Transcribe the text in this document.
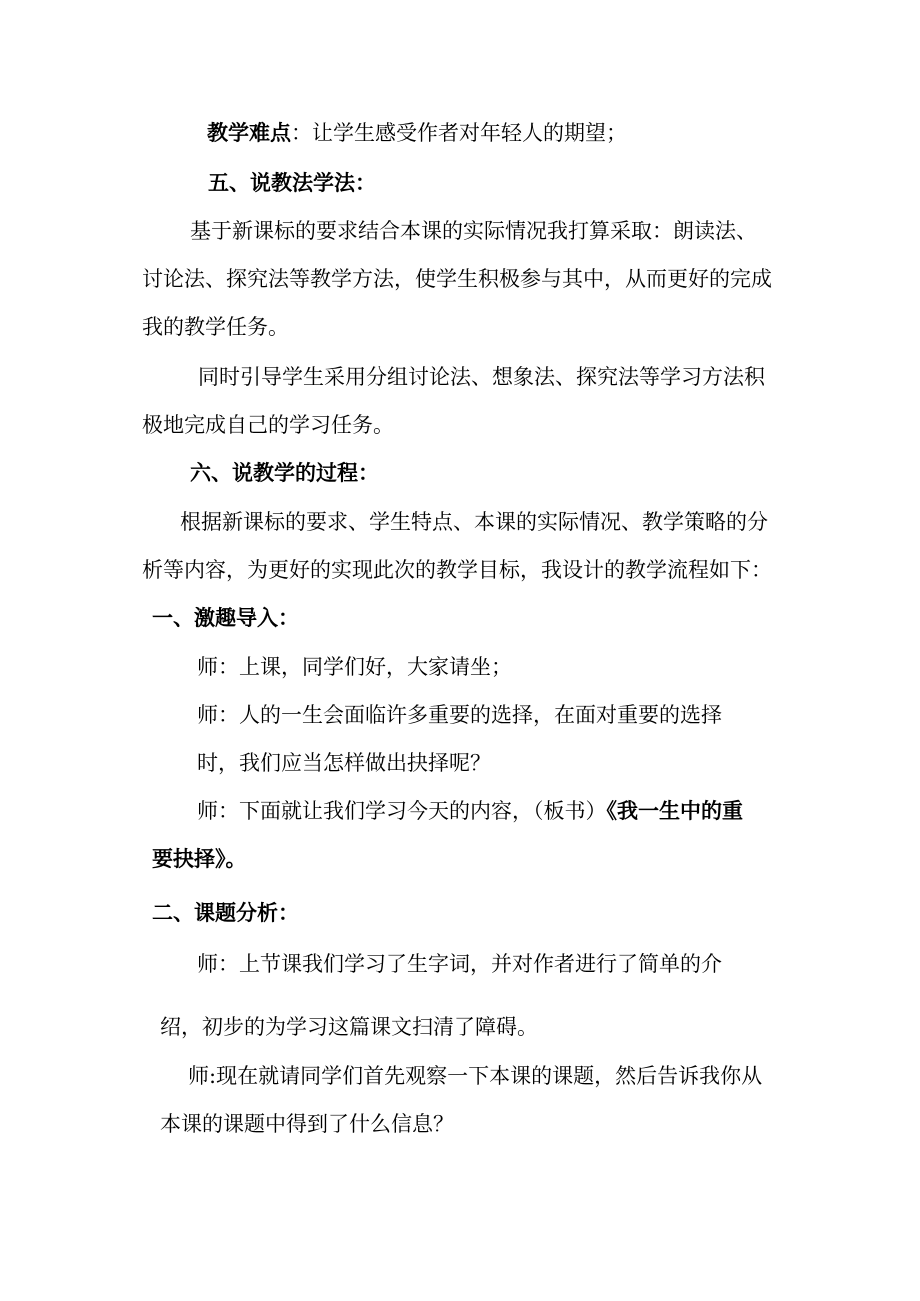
教学难点：让学生感受作者对年轻人的期望；
五、说教法学法：
基于新课标的要求结合本课的实际情况我打算采取：朗读法、
讨论法、探究法等教学方法，使学生积极参与其中，从而更好的完成
我的教学任务。
同时引导学生采用分组讨论法、想象法、探究法等学习方法积
极地完成自己的学习任务。
六、说教学的过程：
根据新课标的要求、学生特点、本课的实际情况、教学策略的分
析等内容，为更好的实现此次的教学目标，我设计的教学流程如下：
一、激趣导入：
师：上课，同学们好，大家请坐；
师：人的一生会面临许多重要的选择，在面对重要的选择
时，我们应当怎样做出抉择呢？
师：下面就让我们学习今天的内容，（板书）《我一生中的重
要抉择》。
二、课题分析：
师：上节课我们学习了生字词，并对作者进行了简单的介
绍，初步的为学习这篇课文扫清了障碍。
师:现在就请同学们首先观察一下本课的课题，然后告诉我你从
本课的课题中得到了什么信息？
